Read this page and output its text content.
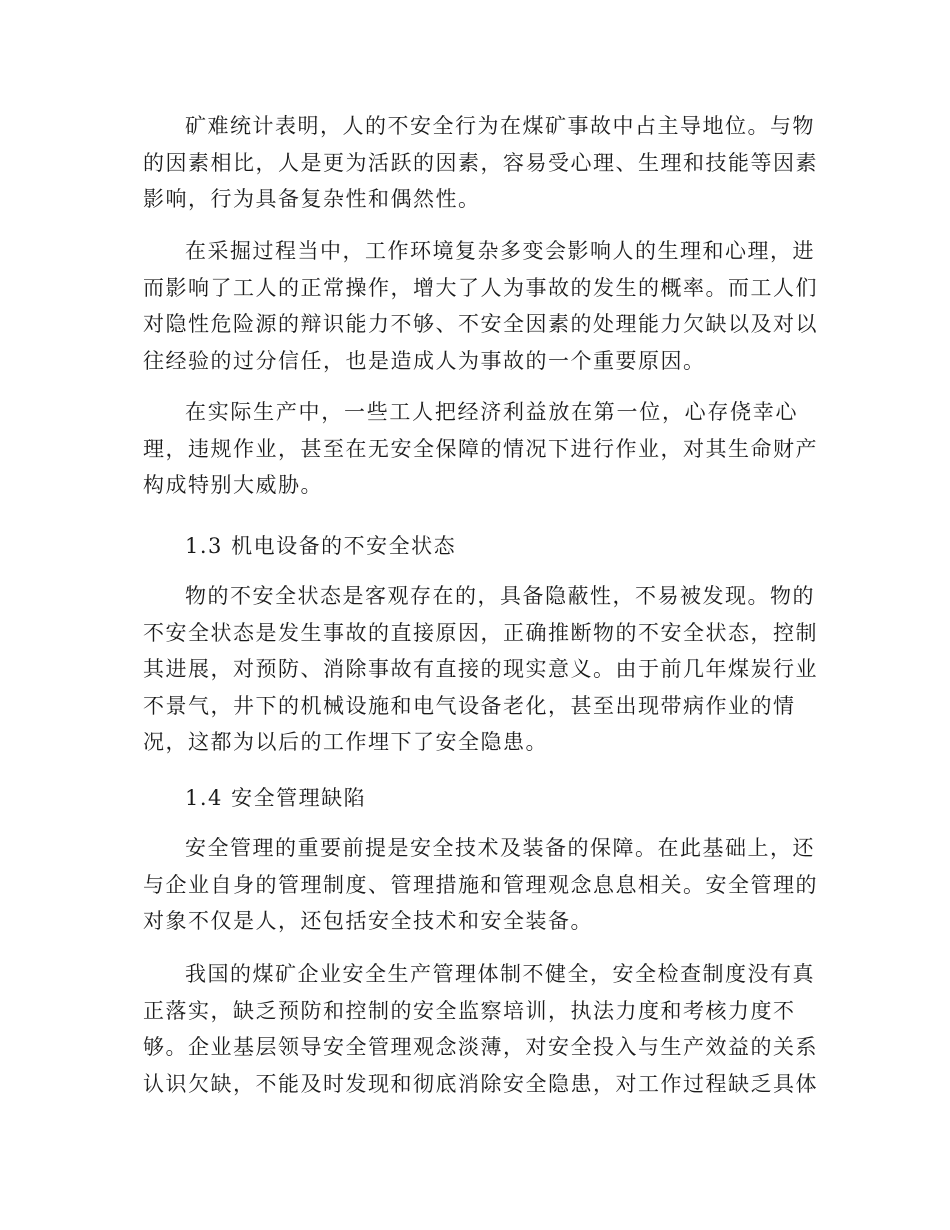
矿难统计表明，人的不安全行为在煤矿事故中占主导地位。与物
的因素相比，人是更为活跃的因素，容易受心理、生理和技能等因素
影响，行为具备复杂性和偶然性。
在采掘过程当中，工作环境复杂多变会影响人的生理和心理，进
而影响了工人的正常操作，增大了人为事故的发生的概率。而工人们
对隐性危险源的辩识能力不够、不安全因素的处理能力欠缺以及对以
往经验的过分信任，也是造成人为事故的一个重要原因。
在实际生产中，一些工人把经济利益放在第一位，心存侥幸心
理，违规作业，甚至在无安全保障的情况下进行作业，对其生命财产
构成特别大威胁。
1.3 机电设备的不安全状态
物的不安全状态是客观存在的，具备隐蔽性，不易被发现。物的
不安全状态是发生事故的直接原因，正确推断物的不安全状态，控制
其进展，对预防、消除事故有直接的现实意义。由于前几年煤炭行业
不景气，井下的机械设施和电气设备老化，甚至出现带病作业的情
况，这都为以后的工作埋下了安全隐患。
1.4 安全管理缺陷
安全管理的重要前提是安全技术及装备的保障。在此基础上，还
与企业自身的管理制度、管理措施和管理观念息息相关。安全管理的
对象不仅是人，还包括安全技术和安全装备。
我国的煤矿企业安全生产管理体制不健全，安全检查制度没有真
正落实，缺乏预防和控制的安全监察培训，执法力度和考核力度不
够。企业基层领导安全管理观念淡薄，对安全投入与生产效益的关系
认识欠缺，不能及时发现和彻底消除安全隐患，对工作过程缺乏具体
